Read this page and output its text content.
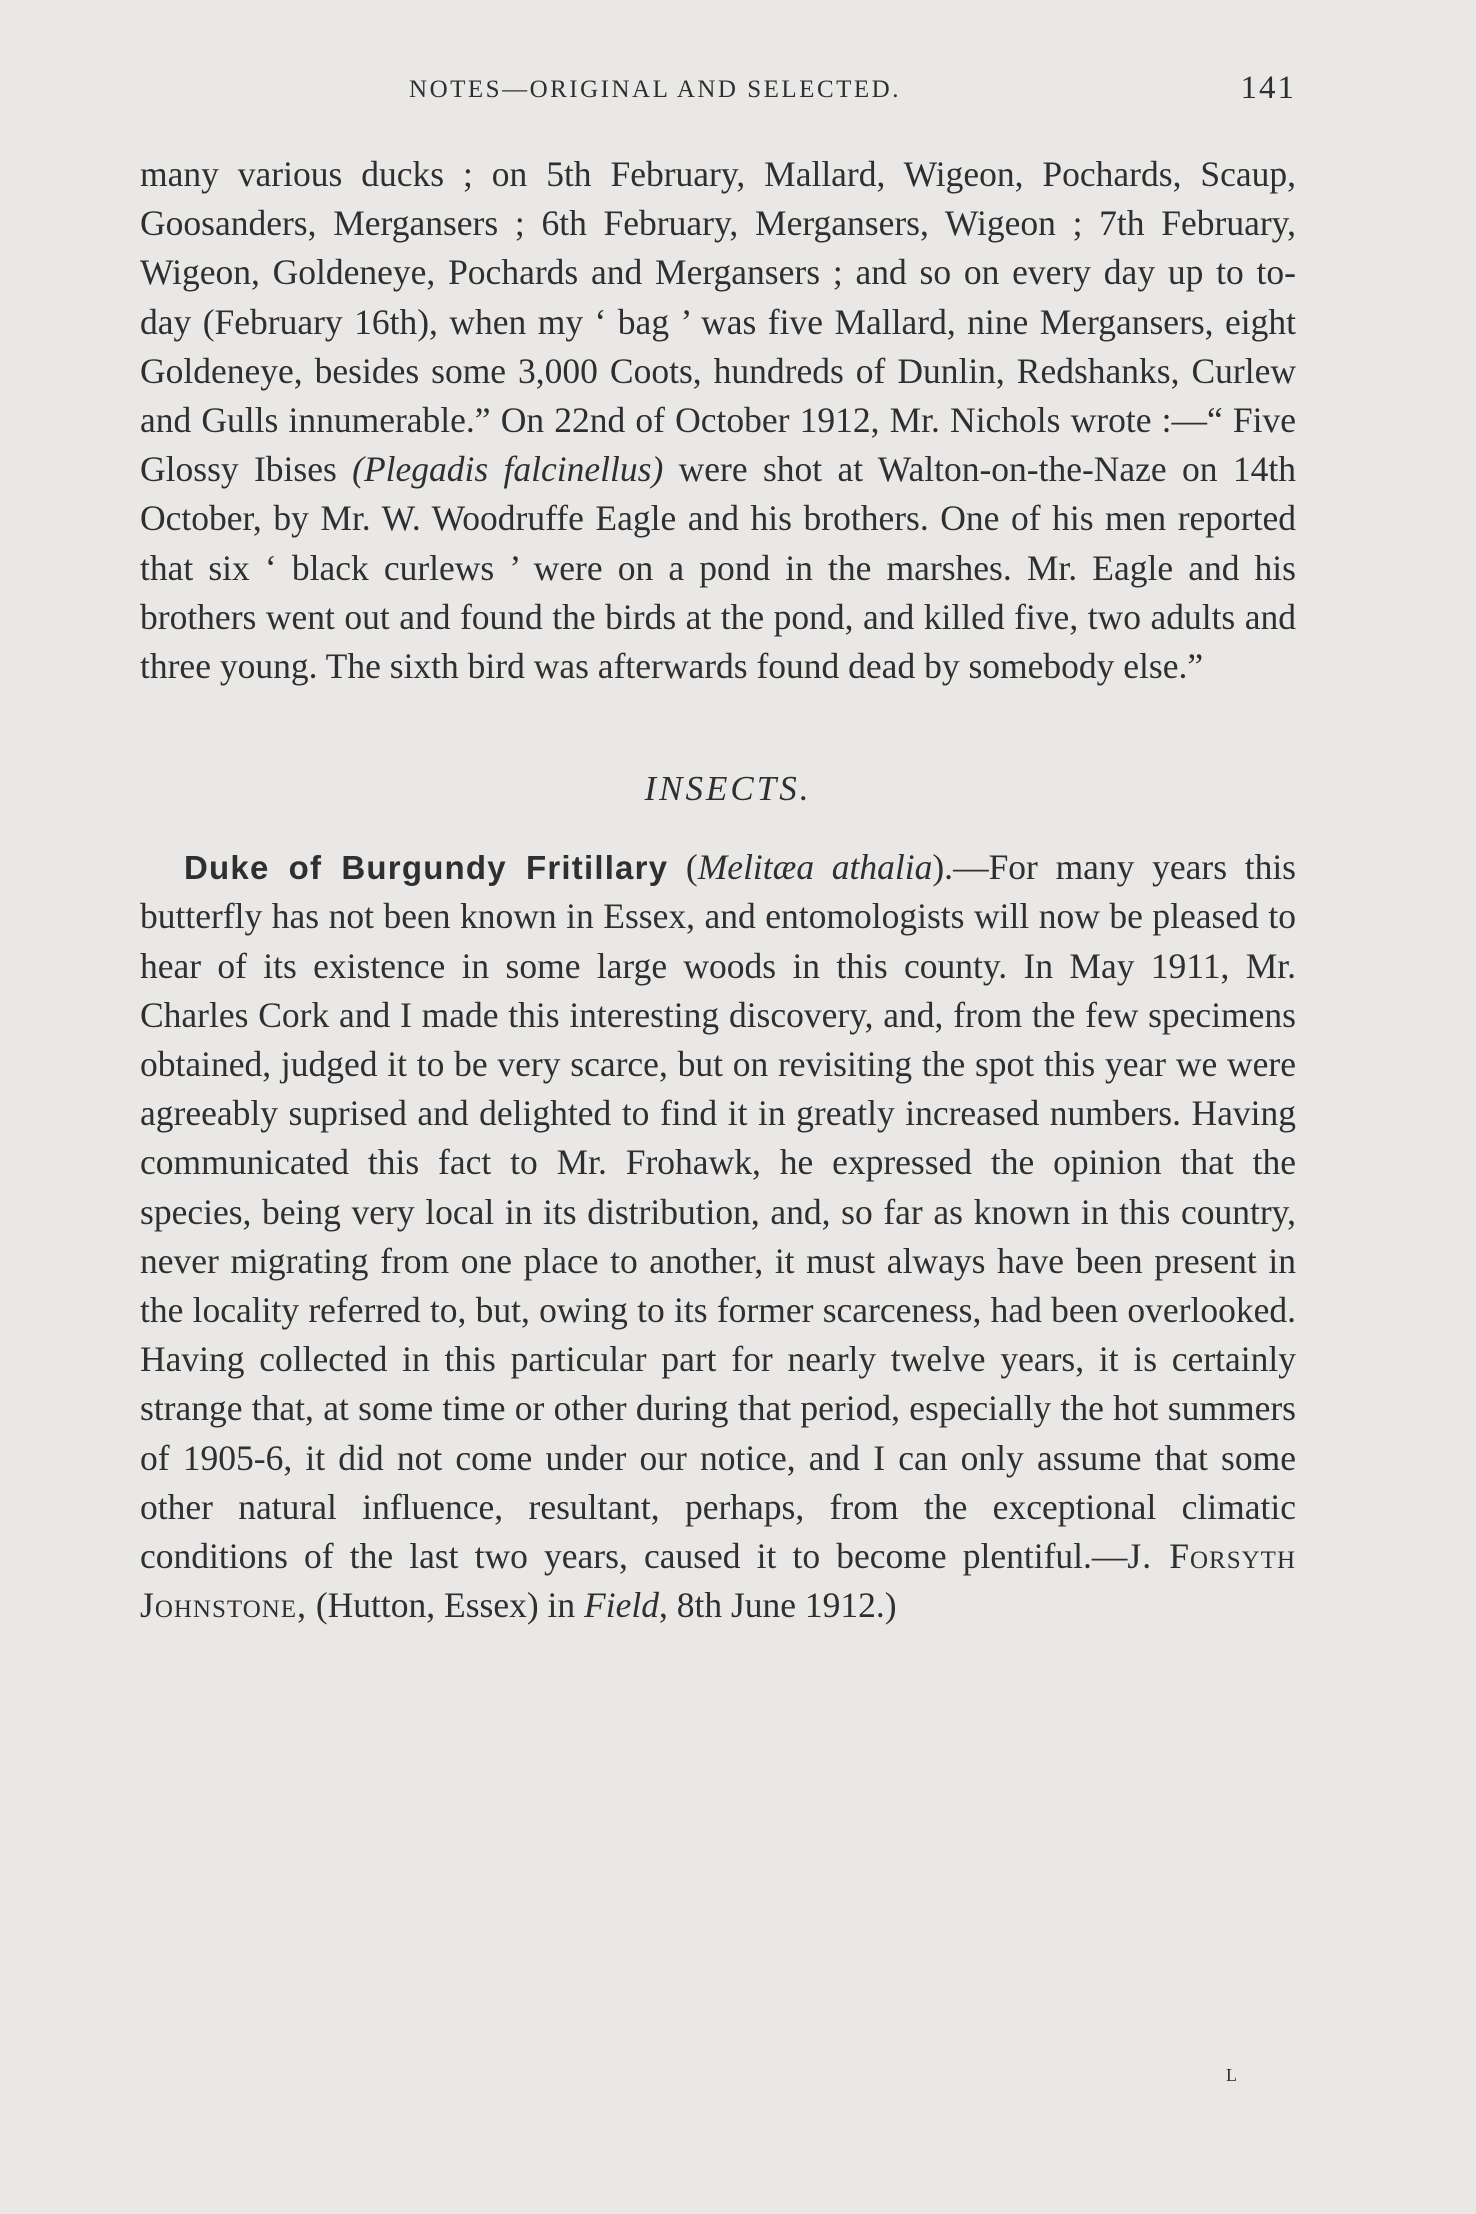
NOTES—ORIGINAL AND SELECTED.	141

many various ducks ; on 5th February, Mallard, Wigeon, Pochards, Scaup, Goosanders, Mergansers ; 6th February, Mergansers, Wigeon ; 7th February, Wigeon, Goldeneye, Pochards and Mergansers ; and so on every day up to to-day (February 16th), when my ‘ bag ’ was five Mallard, nine Mergansers, eight Goldeneye, besides some 3,000 Coots, hundreds of Dunlin, Redshanks, Curlew and Gulls innumerable.” On 22nd of October 1912, Mr. Nichols wrote :—“ Five Glossy Ibises (Plegadis falcinellus) were shot at Walton-on-the-Naze on 14th October, by Mr. W. Woodruffe Eagle and his brothers. One of his men reported that six ‘ black curlews ’ were on a pond in the marshes. Mr. Eagle and his brothers went out and found the birds at the pond, and killed five, two adults and three young. The sixth bird was afterwards found dead by somebody else.”

INSECTS.

Duke of Burgundy Fritillary (Melitæa athalia).—For many years this butterfly has not been known in Essex, and entomologists will now be pleased to hear of its existence in some large woods in this county. In May 1911, Mr. Charles Cork and I made this interesting discovery, and, from the few specimens obtained, judged it to be very scarce, but on revisiting the spot this year we were agreeably suprised and delighted to find it in greatly increased numbers. Having communicated this fact to Mr. Frohawk, he expressed the opinion that the species, being very local in its distribution, and, so far as known in this country, never migrating from one place to another, it must always have been present in the locality referred to, but, owing to its former scarceness, had been overlooked. Having collected in this particular part for nearly twelve years, it is certainly strange that, at some time or other during that period, especially the hot summers of 1905-6, it did not come under our notice, and I can only assume that some other natural influence, resultant, perhaps, from the exceptional climatic conditions of the last two years, caused it to become plentiful.—J. Forsyth Johnstone, (Hutton, Essex) in Field, 8th June 1912.)

L
